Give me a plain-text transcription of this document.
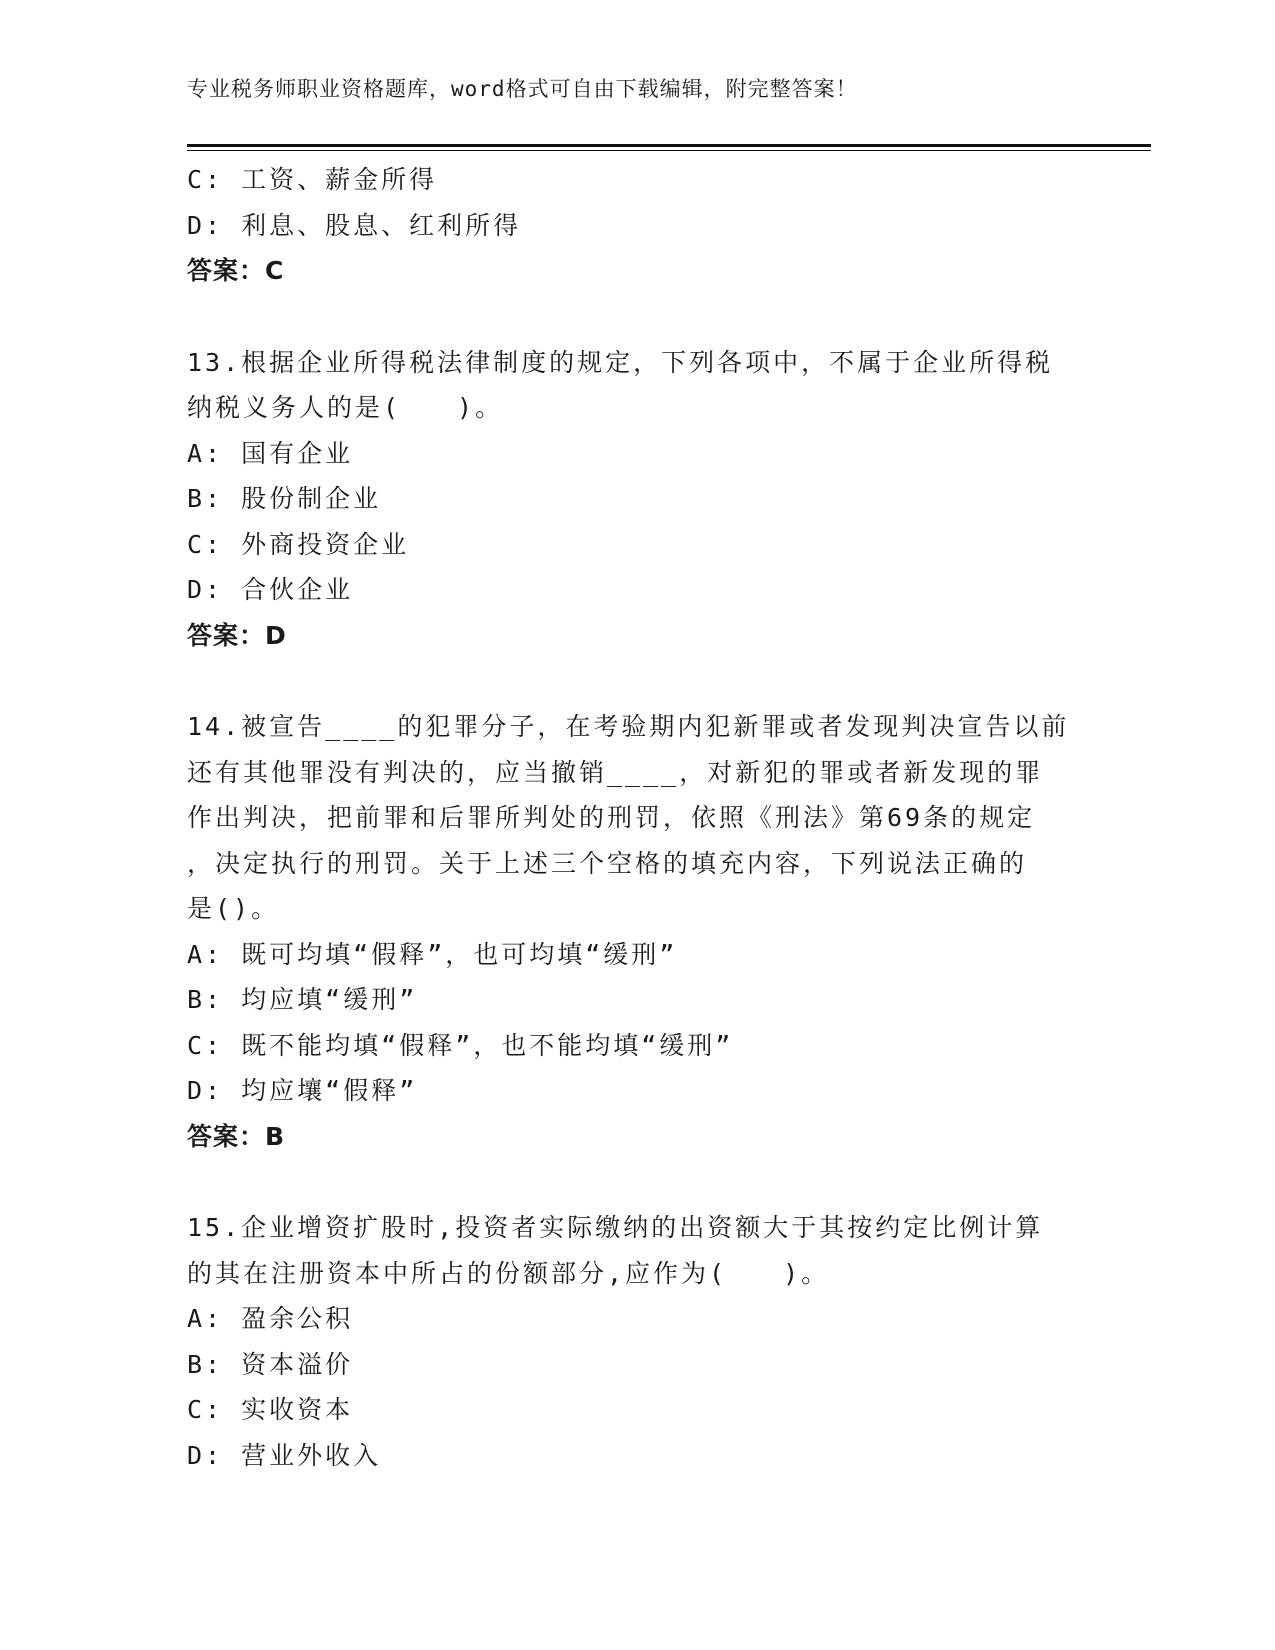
专业税务师职业资格题库，word格式可自由下载编辑，附完整答案！
C: 工资、薪金所得
D: 利息、股息、红利所得
答案：C
13.根据企业所得税法律制度的规定，下列各项中，不属于企业所得税
纳税义务人的是(　　)。
A: 国有企业
B: 股份制企业
C: 外商投资企业
D: 合伙企业
答案：D
14.被宣告____的犯罪分子，在考验期内犯新罪或者发现判决宣告以前
还有其他罪没有判决的，应当撤销____，对新犯的罪或者新发现的罪
作出判决，把前罪和后罪所判处的刑罚，依照《刑法》第69条的规定
，决定执行的刑罚。关于上述三个空格的填充内容，下列说法正确的
是()。
A: 既可均填“假释”，也可均填“缓刑”
B: 均应填“缓刑”
C: 既不能均填“假释”，也不能均填“缓刑”
D: 均应壤“假释”
答案：B
15.企业增资扩股时,投资者实际缴纳的出资额大于其按约定比例计算
的其在注册资本中所占的份额部分,应作为(　　)。
A: 盈余公积
B: 资本溢价
C: 实收资本
D: 营业外收入
